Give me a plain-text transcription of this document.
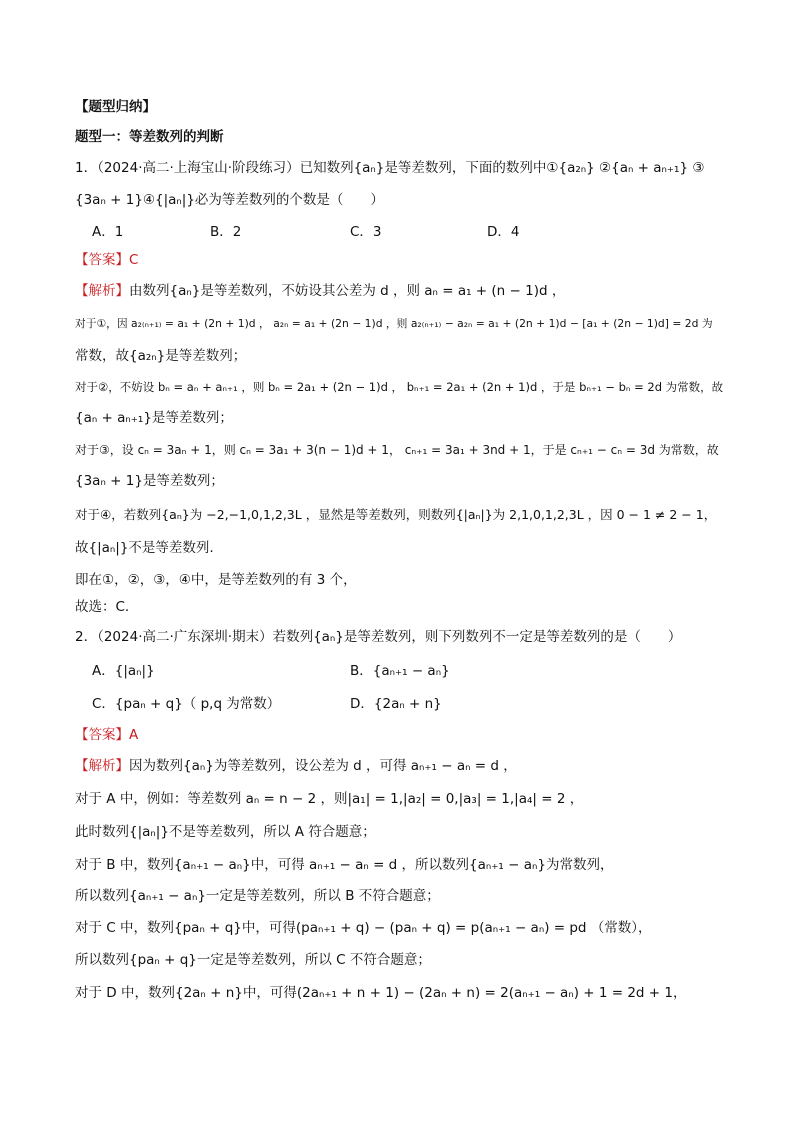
【题型归纳】
题型一：等差数列的判断
1．（2024·高二·上海宝山·阶段练习）已知数列{aₙ}是等差数列，下面的数列中①{a₂ₙ} ②{aₙ + aₙ₊₁} ③
{3aₙ + 1}④{|aₙ|}必为等差数列的个数是（　　）
A．1	B．2	C．3	D．4
【答案】C
【解析】由数列{aₙ}是等差数列，不妨设其公差为 d ，则 aₙ = a₁ + (n − 1)d ，
对于①，因 a₂₍ₙ₊₁₎ = a₁ + (2n + 1)d ， a₂ₙ = a₁ + (2n − 1)d ，则 a₂₍ₙ₊₁₎ − a₂ₙ = a₁ + (2n + 1)d − [a₁ + (2n − 1)d] = 2d 为
常数，故{a₂ₙ}是等差数列；
对于②，不妨设 bₙ = aₙ + aₙ₊₁ ，则 bₙ = 2a₁ + (2n − 1)d ， bₙ₊₁ = 2a₁ + (2n + 1)d ，于是 bₙ₊₁ − bₙ = 2d 为常数，故
{aₙ + aₙ₊₁}是等差数列；
对于③，设 cₙ = 3aₙ + 1，则 cₙ = 3a₁ + 3(n − 1)d + 1， cₙ₊₁ = 3a₁ + 3nd + 1，于是 cₙ₊₁ − cₙ = 3d 为常数，故
{3aₙ + 1}是等差数列；
对于④，若数列{aₙ}为 −2,−1,0,1,2,3L ，显然是等差数列，则数列{|aₙ|}为 2,1,0,1,2,3L ，因 0 − 1 ≠ 2 − 1，
故{|aₙ|}不是等差数列.
即在①，②，③，④中，是等差数列的有 3 个，
故选：C.
2．（2024·高二·广东深圳·期末）若数列{aₙ}是等差数列，则下列数列不一定是等差数列的是（　　）
A．{|aₙ|}	B．{aₙ₊₁ − aₙ}
C．{paₙ + q}（ p,q 为常数）	D．{2aₙ + n}
【答案】A
【解析】因为数列{aₙ}为等差数列，设公差为 d ，可得 aₙ₊₁ − aₙ = d ，
对于 A 中，例如：等差数列 aₙ = n − 2 ，则|a₁| = 1,|a₂| = 0,|a₃| = 1,|a₄| = 2 ，
此时数列{|aₙ|}不是等差数列，所以 A 符合题意；
对于 B 中，数列{aₙ₊₁ − aₙ}中，可得 aₙ₊₁ − aₙ = d ，所以数列{aₙ₊₁ − aₙ}为常数列，
所以数列{aₙ₊₁ − aₙ}一定是等差数列，所以 B 不符合题意；
对于 C 中，数列{paₙ + q}中，可得(paₙ₊₁ + q) − (paₙ + q) = p(aₙ₊₁ − aₙ) = pd （常数），
所以数列{paₙ + q}一定是等差数列，所以 C 不符合题意；
对于 D 中，数列{2aₙ + n}中，可得(2aₙ₊₁ + n + 1) − (2aₙ + n) = 2(aₙ₊₁ − aₙ) + 1 = 2d + 1，
